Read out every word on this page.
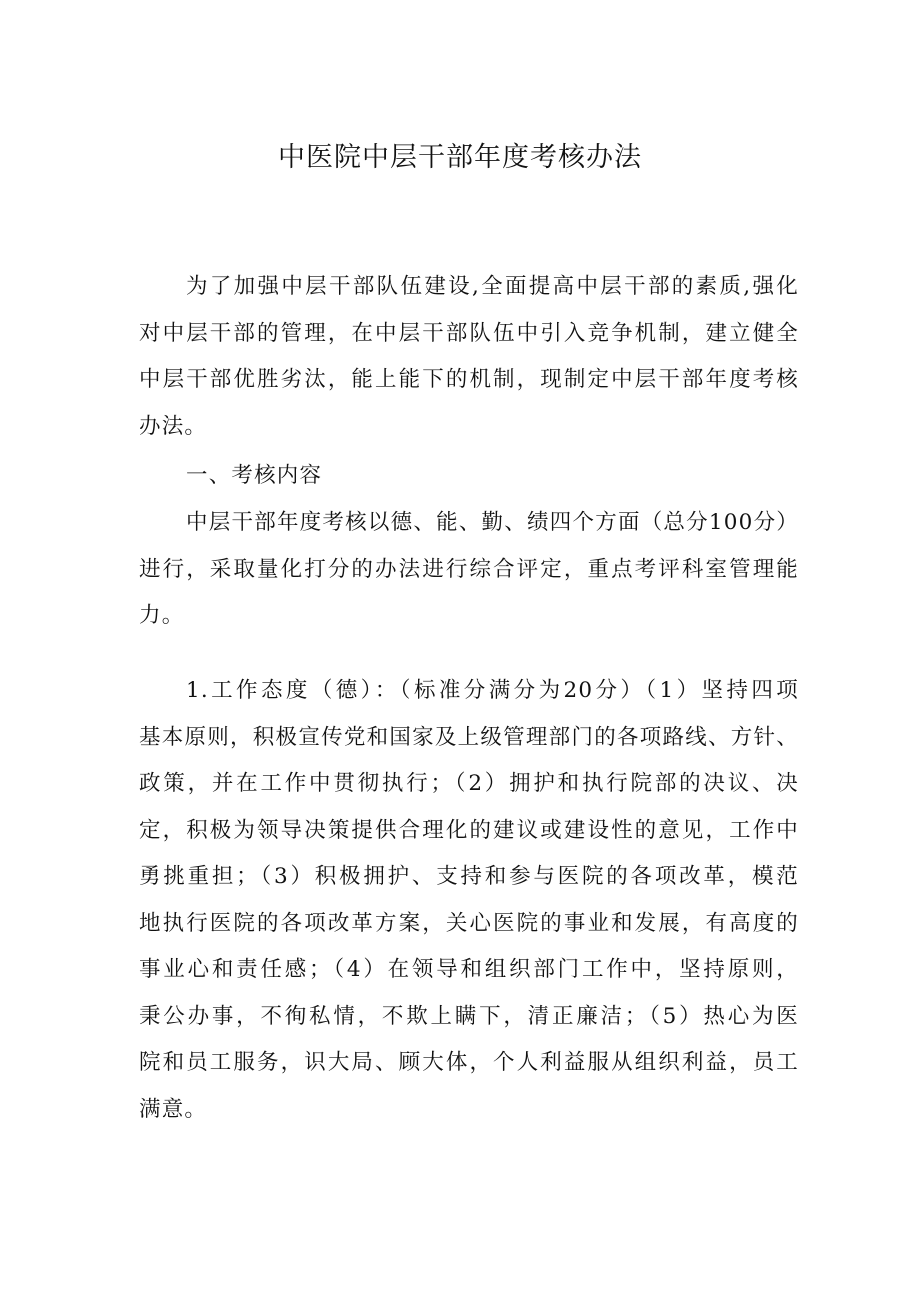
中医院中层干部年度考核办法
为了加强中层干部队伍建设,全面提高中层干部的素质,强化
对中层干部的管理，在中层干部队伍中引入竞争机制，建立健全
中层干部优胜劣汰，能上能下的机制，现制定中层干部年度考核
办法。
一、考核内容
中层干部年度考核以德、能、勤、绩四个方面（总分100分）
进行，采取量化打分的办法进行综合评定，重点考评科室管理能
力。
1.工作态度（德）：（标准分满分为20分）（1）坚持四项
基本原则，积极宣传党和国家及上级管理部门的各项路线、方针、
政策，并在工作中贯彻执行；（2）拥护和执行院部的决议、决
定，积极为领导决策提供合理化的建议或建设性的意见，工作中
勇挑重担；（3）积极拥护、支持和参与医院的各项改革，模范
地执行医院的各项改革方案，关心医院的事业和发展，有高度的
事业心和责任感；（4）在领导和组织部门工作中，坚持原则，
秉公办事，不徇私情，不欺上瞒下，清正廉洁；（5）热心为医
院和员工服务，识大局、顾大体，个人利益服从组织利益，员工
满意。
